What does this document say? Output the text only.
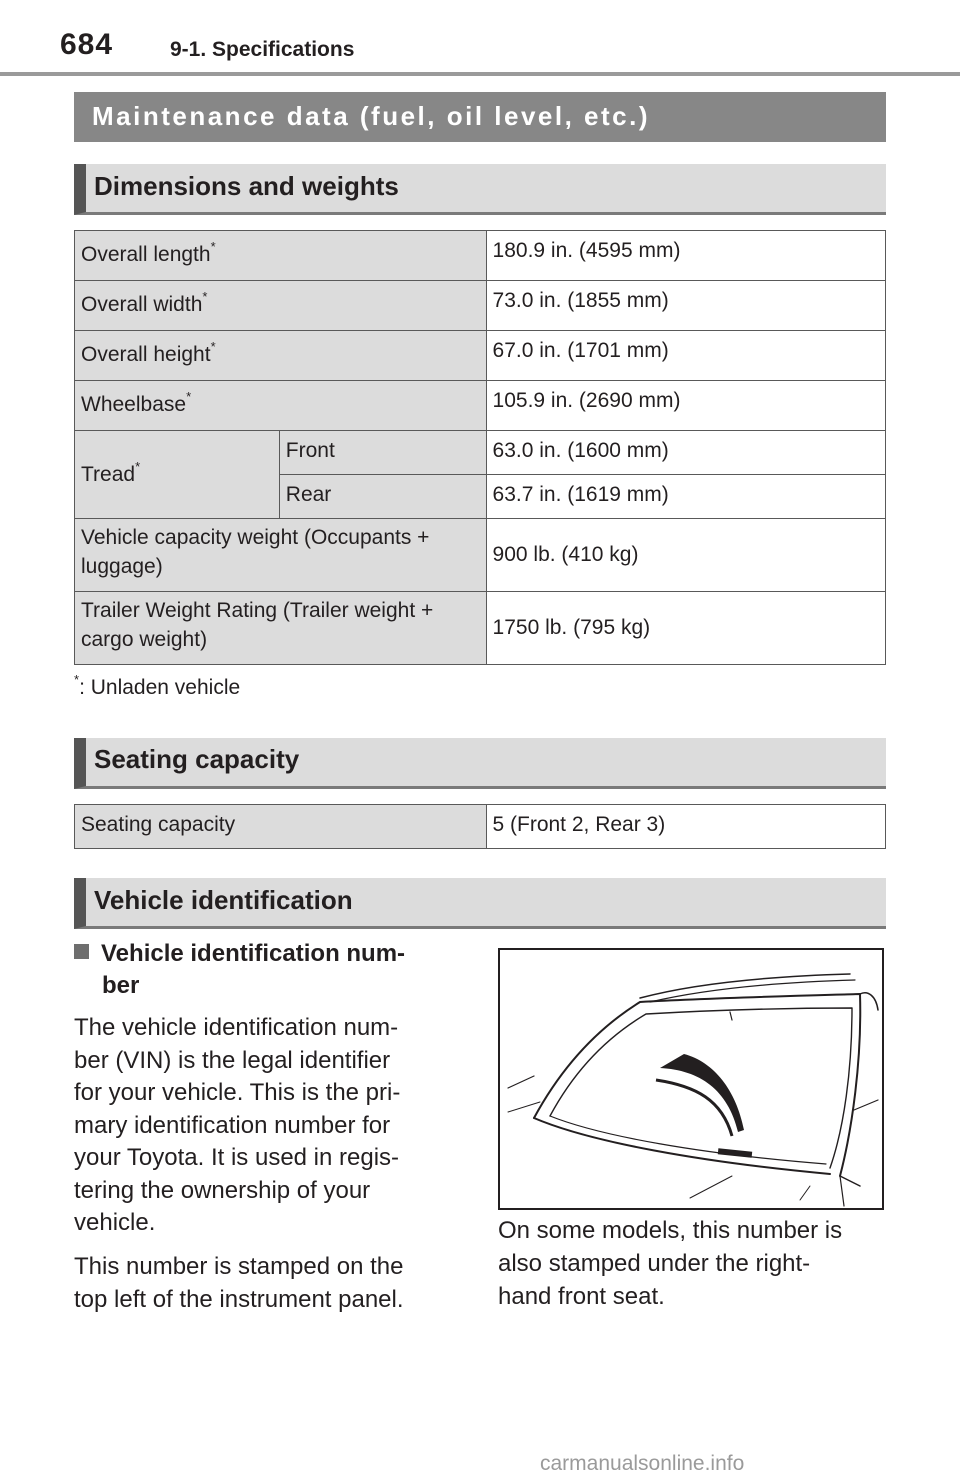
684	9-1. Specifications
Maintenance data (fuel, oil level, etc.)
Dimensions and weights
Overall length*		180.9 in. (4595 mm)
Overall width*		73.0 in. (1855 mm)
Overall height*		67.0 in. (1701 mm)
Wheelbase*		105.9 in. (2690 mm)
Tread*	Front	63.0 in. (1600 mm)
	Rear	63.7 in. (1619 mm)
Vehicle capacity weight (Occupants + luggage)		900 lb. (410 kg)
Trailer Weight Rating (Trailer weight + cargo weight)		1750 lb. (795 kg)
*: Unladen vehicle
Seating capacity
Seating capacity	5 (Front 2, Rear 3)
Vehicle identification
Vehicle identification num-
ber
The vehicle identification num-
ber (VIN) is the legal identifier
for your vehicle. This is the pri-
mary identification number for
your Toyota. It is used in regis-
tering the ownership of your
vehicle.
This number is stamped on the
top left of the instrument panel.
On some models, this number is
also stamped under the right-
hand front seat.
carmanualsonline.info
